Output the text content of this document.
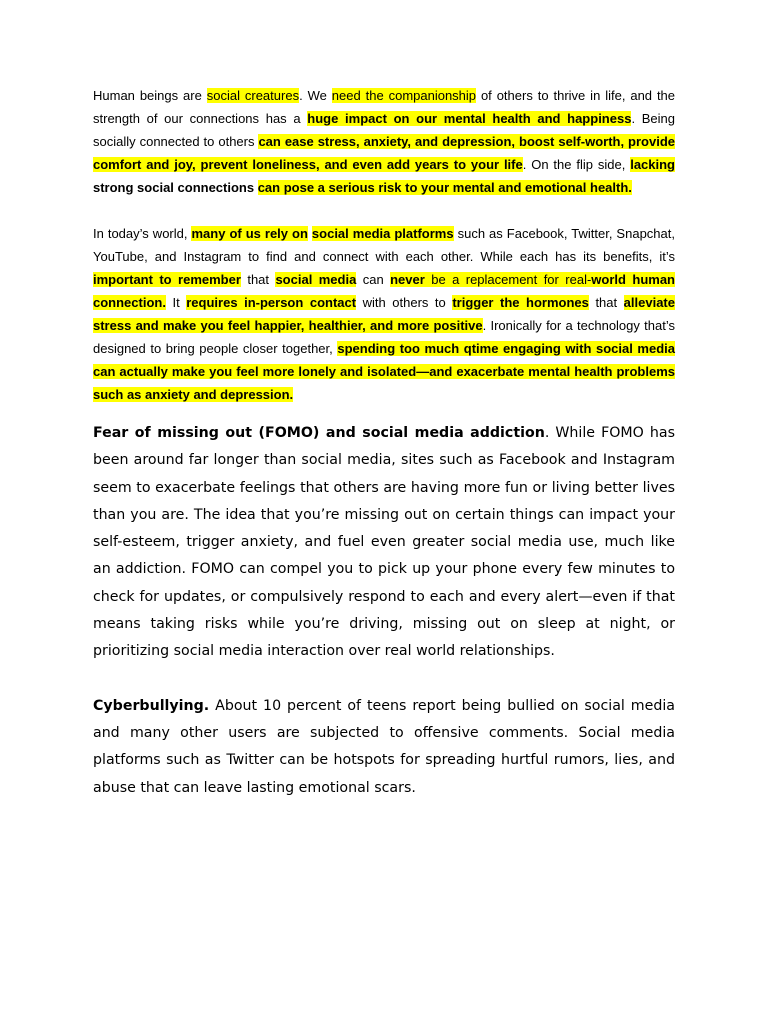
Human beings are social creatures. We need the companionship of others to thrive in life, and the strength of our connections has a huge impact on our mental health and happiness. Being socially connected to others can ease stress, anxiety, and depression, boost self-worth, provide comfort and joy, prevent loneliness, and even add years to your life. On the flip side, lacking strong social connections can pose a serious risk to your mental and emotional health.

In today’s world, many of us rely on social media platforms such as Facebook, Twitter, Snapchat, YouTube, and Instagram to find and connect with each other. While each has its benefits, it’s important to remember that social media can never be a replacement for real-world human connection. It requires in-person contact with others to trigger the hormones that alleviate stress and make you feel happier, healthier, and more positive. Ironically for a technology that’s designed to bring people closer together, spending too much qtime engaging with social media can actually make you feel more lonely and isolated—and exacerbate mental health problems such as anxiety and depression.

Fear of missing out (FOMO) and social media addiction. While FOMO has been around far longer than social media, sites such as Facebook and Instagram seem to exacerbate feelings that others are having more fun or living better lives than you are. The idea that you’re missing out on certain things can impact your self-esteem, trigger anxiety, and fuel even greater social media use, much like an addiction. FOMO can compel you to pick up your phone every few minutes to check for updates, or compulsively respond to each and every alert—even if that means taking risks while you’re driving, missing out on sleep at night, or prioritizing social media interaction over real world relationships.

Cyberbullying. About 10 percent of teens report being bullied on social media and many other users are subjected to offensive comments. Social media platforms such as Twitter can be hotspots for spreading hurtful rumors, lies, and abuse that can leave lasting emotional scars.
